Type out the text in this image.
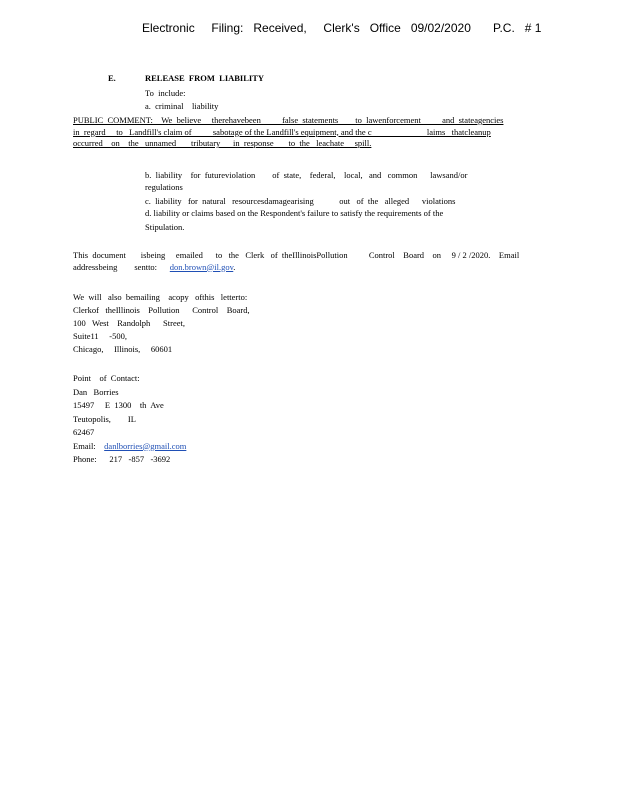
Electronic     Filing:   Received,     Clerk's   Office   09/02/2020 P.C.   # 1
E.	RELEASE  FROM  LIABILITY
To  include:
a.  criminal    liability
PUBLIC  COMMENT:    We  believe     therehavebeen          false  statements        to  lawenforcement          and  stateagencies
in  regard     to   Landfill's claim of          sabotage of the Landfill's equipment, and the c                          laims   thatcleanup
occurred    on    the   unnamed       tributary      in  response       to  the   leachate     spill.
b.  liability    for  futureviolation        of  state,    federal,    local,   and   common      lawsand/or
regulations
c.  liability   for  natural   resourcesdamagearising            out   of  the   alleged      violations
d. liability or claims based on the Respondent's failure to satisfy the requirements of the
Stipulation.
This  document       isbeing     emailed      to   the   Clerk   of  theIllinoisPollution          Control    Board    on     9 / 2 /2020.    Email
addressbeing        sentto:      don.brown@il.gov.
We  will   also  bemailing    acopy   ofthis   letterto:
Clerkof   theIllinois    Pollution      Control    Board,
100   West    Randolph      Street,
Suite11     -500,
Chicago,     Illinois,     60601
Point    of  Contact:
Dan   Borries
15497     E  1300    th  Ave
Teutopolis,        IL
62467
Email:    danlborries@gmail.com
Phone:      217   -857   -3692
